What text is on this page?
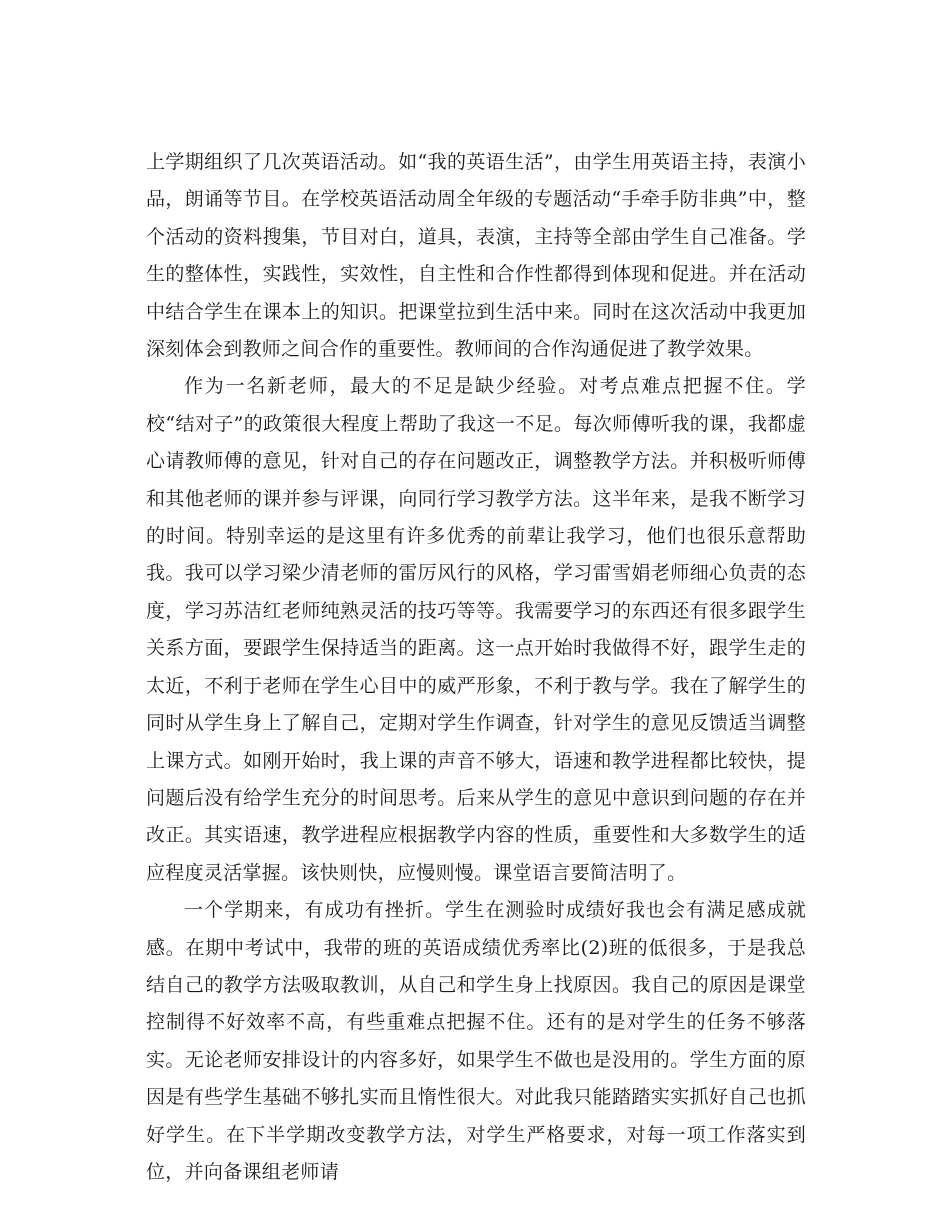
上学期组织了几次英语活动。如“我的英语生活”，由学生用英语主持，表演小品，朗诵等节目。在学校英语活动周全年级的专题活动“手牵手防非典”中，整个活动的资料搜集，节目对白，道具，表演，主持等全部由学生自己准备。学生的整体性，实践性，实效性，自主性和合作性都得到体现和促进。并在活动中结合学生在课本上的知识。把课堂拉到生活中来。同时在这次活动中我更加深刻体会到教师之间合作的重要性。教师间的合作沟通促进了教学效果。

作为一名新老师，最大的不足是缺少经验。对考点难点把握不住。学校“结对子”的政策很大程度上帮助了我这一不足。每次师傅听我的课，我都虚心请教师傅的意见，针对自己的存在问题改正，调整教学方法。并积极听师傅和其他老师的课并参与评课，向同行学习教学方法。这半年来，是我不断学习的时间。特别幸运的是这里有许多优秀的前辈让我学习，他们也很乐意帮助我。我可以学习梁少清老师的雷厉风行的风格，学习雷雪娟老师细心负责的态度，学习苏洁红老师纯熟灵活的技巧等等。我需要学习的东西还有很多跟学生关系方面，要跟学生保持适当的距离。这一点开始时我做得不好，跟学生走的太近，不利于老师在学生心目中的威严形象，不利于教与学。我在了解学生的同时从学生身上了解自己，定期对学生作调查，针对学生的意见反馈适当调整上课方式。如刚开始时，我上课的声音不够大，语速和教学进程都比较快，提问题后没有给学生充分的时间思考。后来从学生的意见中意识到问题的存在并改正。其实语速，教学进程应根据教学内容的性质，重要性和大多数学生的适应程度灵活掌握。该快则快，应慢则慢。课堂语言要简洁明了。

一个学期来，有成功有挫折。学生在测验时成绩好我也会有满足感成就感。在期中考试中，我带的班的英语成绩优秀率比(2)班的低很多，于是我总结自己的教学方法吸取教训，从自己和学生身上找原因。我自己的原因是课堂控制得不好效率不高，有些重难点把握不住。还有的是对学生的任务不够落实。无论老师安排设计的内容多好，如果学生不做也是没用的。学生方面的原因是有些学生基础不够扎实而且惰性很大。对此我只能踏踏实实抓好自己也抓好学生。在下半学期改变教学方法，对学生严格要求，对每一项工作落实到位，并向备课组老师请
